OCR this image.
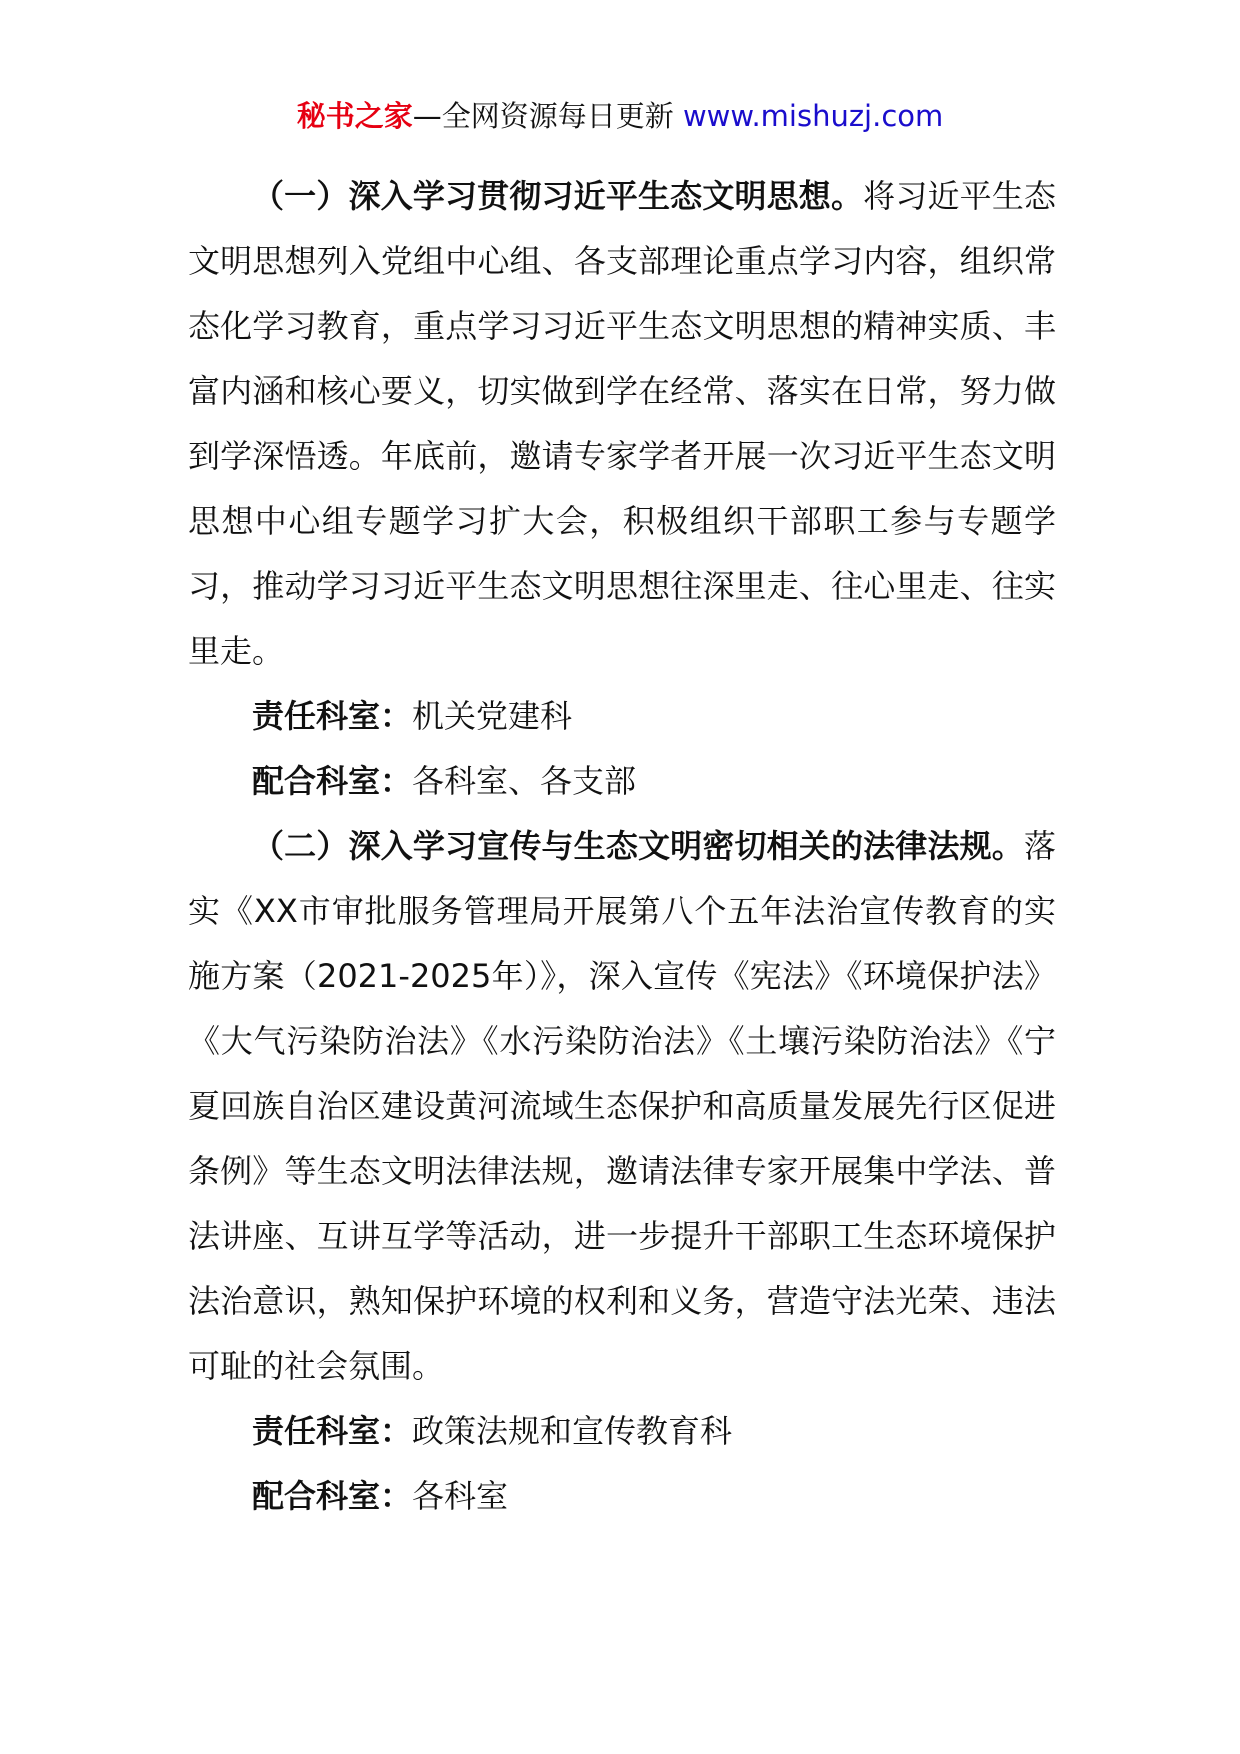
秘书之家—全网资源每日更新 www.mishuzj.com

（一）深入学习贯彻习近平生态文明思想。将习近平生态文明思想列入党组中心组、各支部理论重点学习内容，组织常态化学习教育，重点学习习近平生态文明思想的精神实质、丰富内涵和核心要义，切实做到学在经常、落实在日常，努力做到学深悟透。年底前，邀请专家学者开展一次习近平生态文明思想中心组专题学习扩大会，积极组织干部职工参与专题学习，推动学习习近平生态文明思想往深里走、往心里走、往实里走。

责任科室：机关党建科

配合科室：各科室、各支部

（二）深入学习宣传与生态文明密切相关的法律法规。落实《XX市审批服务管理局开展第八个五年法治宣传教育的实施方案（2021-2025年）》，深入宣传《宪法》《环境保护法》《大气污染防治法》《水污染防治法》《土壤污染防治法》《宁夏回族自治区建设黄河流域生态保护和高质量发展先行区促进条例》等生态文明法律法规，邀请法律专家开展集中学法、普法讲座、互讲互学等活动，进一步提升干部职工生态环境保护法治意识，熟知保护环境的权利和义务，营造守法光荣、违法可耻的社会氛围。

责任科室：政策法规和宣传教育科

配合科室：各科室
